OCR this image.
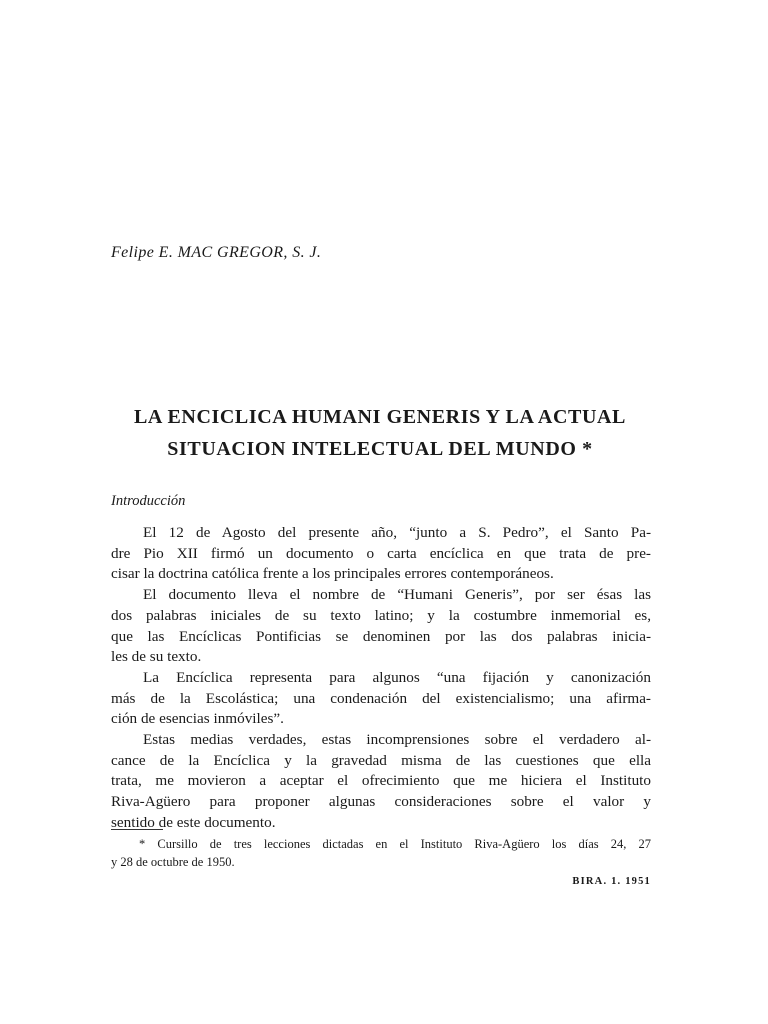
Felipe E. MAC GREGOR, S. J.

LA ENCICLICA HUMANI GENERIS Y LA ACTUAL
SITUACION INTELECTUAL DEL MUNDO *
Introducción

El 12 de Agosto del presente año, “junto a S. Pedro”, el Santo Pa-
dre Pio XII firmó un documento o carta encíclica en que trata de pre-
cisar la doctrina católica frente a los principales errores contemporáneos.

El documento lleva el nombre de “Humani Generis”, por ser ésas las
dos palabras iniciales de su texto latino; y la costumbre inmemorial es,
que las Encíclicas Pontificias se denominen por las dos palabras inicia-
les de su texto.

La Encíclica representa para algunos “una fijación y canonización
más de la Escolástica; una condenación del existencialismo; una afirma-
ción de esencias inmóviles”.

Estas medias verdades, estas incomprensiones sobre el verdadero al-
cance de la Encíclica y la gravedad misma de las cuestiones que ella
trata, me movieron a aceptar el ofrecimiento que me hiciera el Instituto
Riva-Agüero para proponer algunas consideraciones sobre el valor y
sentido de este documento.

* Cursillo de tres lecciones dictadas en el Instituto Riva-Agüero los días 24, 27
y 28 de octubre de 1950.

BIRA. 1. 1951
